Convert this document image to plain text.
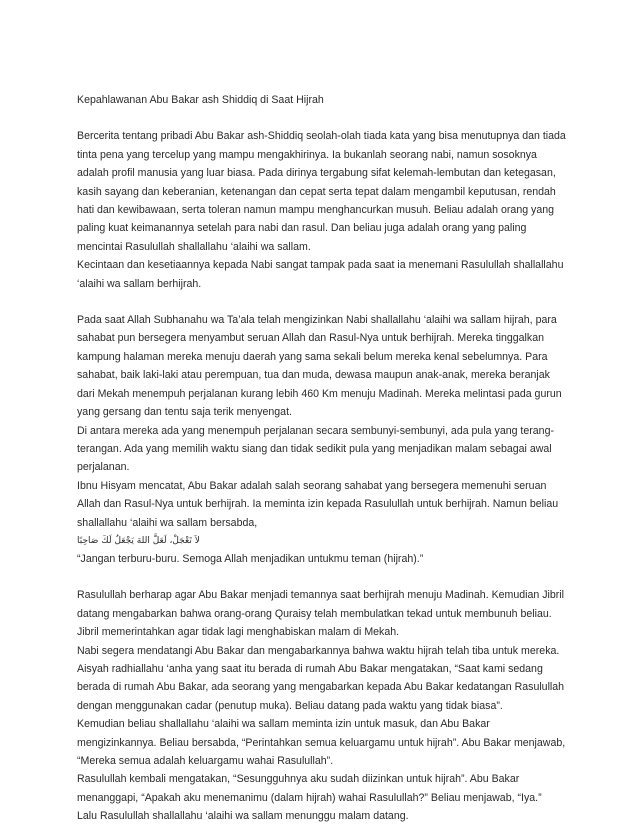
Kepahlawanan Abu Bakar ash Shiddiq di Saat Hijrah

Bercerita tentang pribadi Abu Bakar ash-Shiddiq seolah-olah tiada kata yang bisa menutupnya dan tiada tinta pena yang tercelup yang mampu mengakhirinya. Ia bukanlah seorang nabi, namun sosoknya adalah profil manusia yang luar biasa. Pada dirinya tergabung sifat kelemah-lembutan dan ketegasan, kasih sayang dan keberanian, ketenangan dan cepat serta tepat dalam mengambil keputusan, rendah hati dan kewibawaan, serta toleran namun mampu menghancurkan musuh. Beliau adalah orang yang paling kuat keimanannya setelah para nabi dan rasul. Dan beliau juga adalah orang yang paling mencintai Rasulullah shallallahu ‘alaihi wa sallam.

Kecintaan dan kesetiaannya kepada Nabi sangat tampak pada saat ia menemani Rasulullah shallallahu ‘alaihi wa sallam berhijrah.

Pada saat Allah Subhanahu wa Ta’ala telah mengizinkan Nabi shallallahu ‘alaihi wa sallam hijrah, para sahabat pun bersegera menyambut seruan Allah dan Rasul-Nya untuk berhijrah. Mereka tinggalkan kampung halaman mereka menuju daerah yang sama sekali belum mereka kenal sebelumnya. Para sahabat, baik laki-laki atau perempuan, tua dan muda, dewasa maupun anak-anak, mereka beranjak dari Mekah menempuh perjalanan kurang lebih 460 Km menuju Madinah. Mereka melintasi pada gurun yang gersang dan tentu saja terik menyengat.

Di antara mereka ada yang menempuh perjalanan secara sembunyi-sembunyi, ada pula yang terang-terangan. Ada yang memilih waktu siang dan tidak sedikit pula yang menjadikan malam sebagai awal perjalanan.

Ibnu Hisyam mencatat, Abu Bakar adalah salah seorang sahabat yang bersegera memenuhi seruan Allah dan Rasul-Nya untuk berhijrah. Ia meminta izin kepada Rasulullah untuk berhijrah. Namun beliau shallallahu ‘alaihi wa sallam bersabda,

لاَ تَعْجَلْ، لَعَلَّ اللهَ يَجْعَلُ لَكَ صَاحِبًا

“Jangan terburu-buru. Semoga Allah menjadikan untukmu teman (hijrah).”

Rasulullah berharap agar Abu Bakar menjadi temannya saat berhijrah menuju Madinah. Kemudian Jibril datang mengabarkan bahwa orang-orang Quraisy telah membulatkan tekad untuk membunuh beliau. Jibril memerintahkan agar tidak lagi menghabiskan malam di Mekah.

Nabi segera mendatangi Abu Bakar dan mengabarkannya bahwa waktu hijrah telah tiba untuk mereka. Aisyah radhiallahu ‘anha yang saat itu berada di rumah Abu Bakar mengatakan, “Saat kami sedang berada di rumah Abu Bakar, ada seorang yang mengabarkan kepada Abu Bakar kedatangan Rasulullah dengan menggunakan cadar (penutup muka). Beliau datang pada waktu yang tidak biasa”.

Kemudian beliau shallallahu ‘alaihi wa sallam meminta izin untuk masuk, dan Abu Bakar mengizinkannya. Beliau bersabda, “Perintahkan semua keluargamu untuk hijrah”. Abu Bakar menjawab, “Mereka semua adalah keluargamu wahai Rasulullah”.

Rasulullah kembali mengatakan, “Sesungguhnya aku sudah diizinkan untuk hijrah”. Abu Bakar menanggapi, “Apakah aku menemanimu (dalam hijrah) wahai Rasulullah?” Beliau menjawab, “Iya.”

Lalu Rasulullah shallallahu ‘alaihi wa sallam menunggu malam datang.
